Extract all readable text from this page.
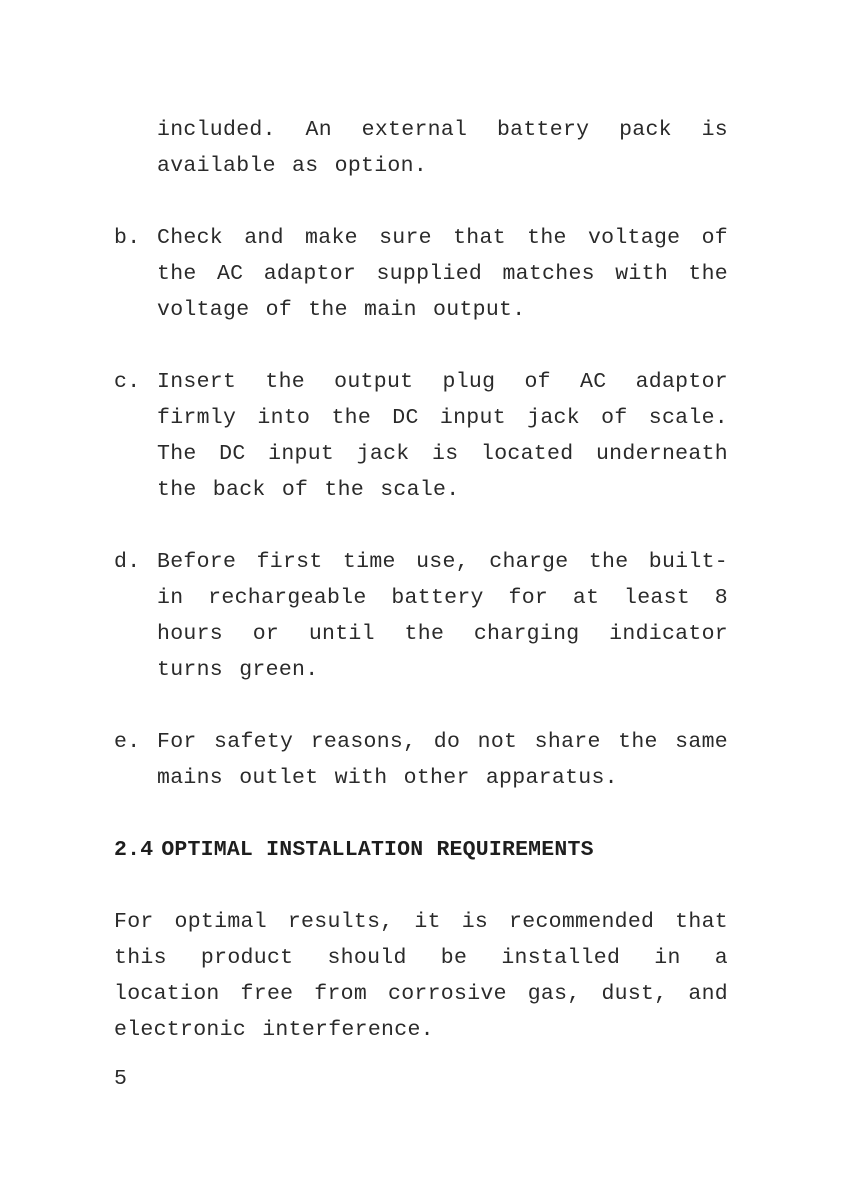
included. An external battery pack is available as option.

b. Check and make sure that the voltage of the AC adaptor supplied matches with the voltage of the main output.

c. Insert the output plug of AC adaptor firmly into the DC input jack of scale. The DC input jack is located underneath the back of the scale.

d. Before first time use, charge the built-in rechargeable battery for at least 8 hours or until the charging indicator turns green.

e. For safety reasons, do not share the same mains outlet with other apparatus.

2.4 OPTIMAL INSTALLATION REQUIREMENTS

For optimal results, it is recommended that this product should be installed in a location free from corrosive gas, dust, and electronic interference.

5
